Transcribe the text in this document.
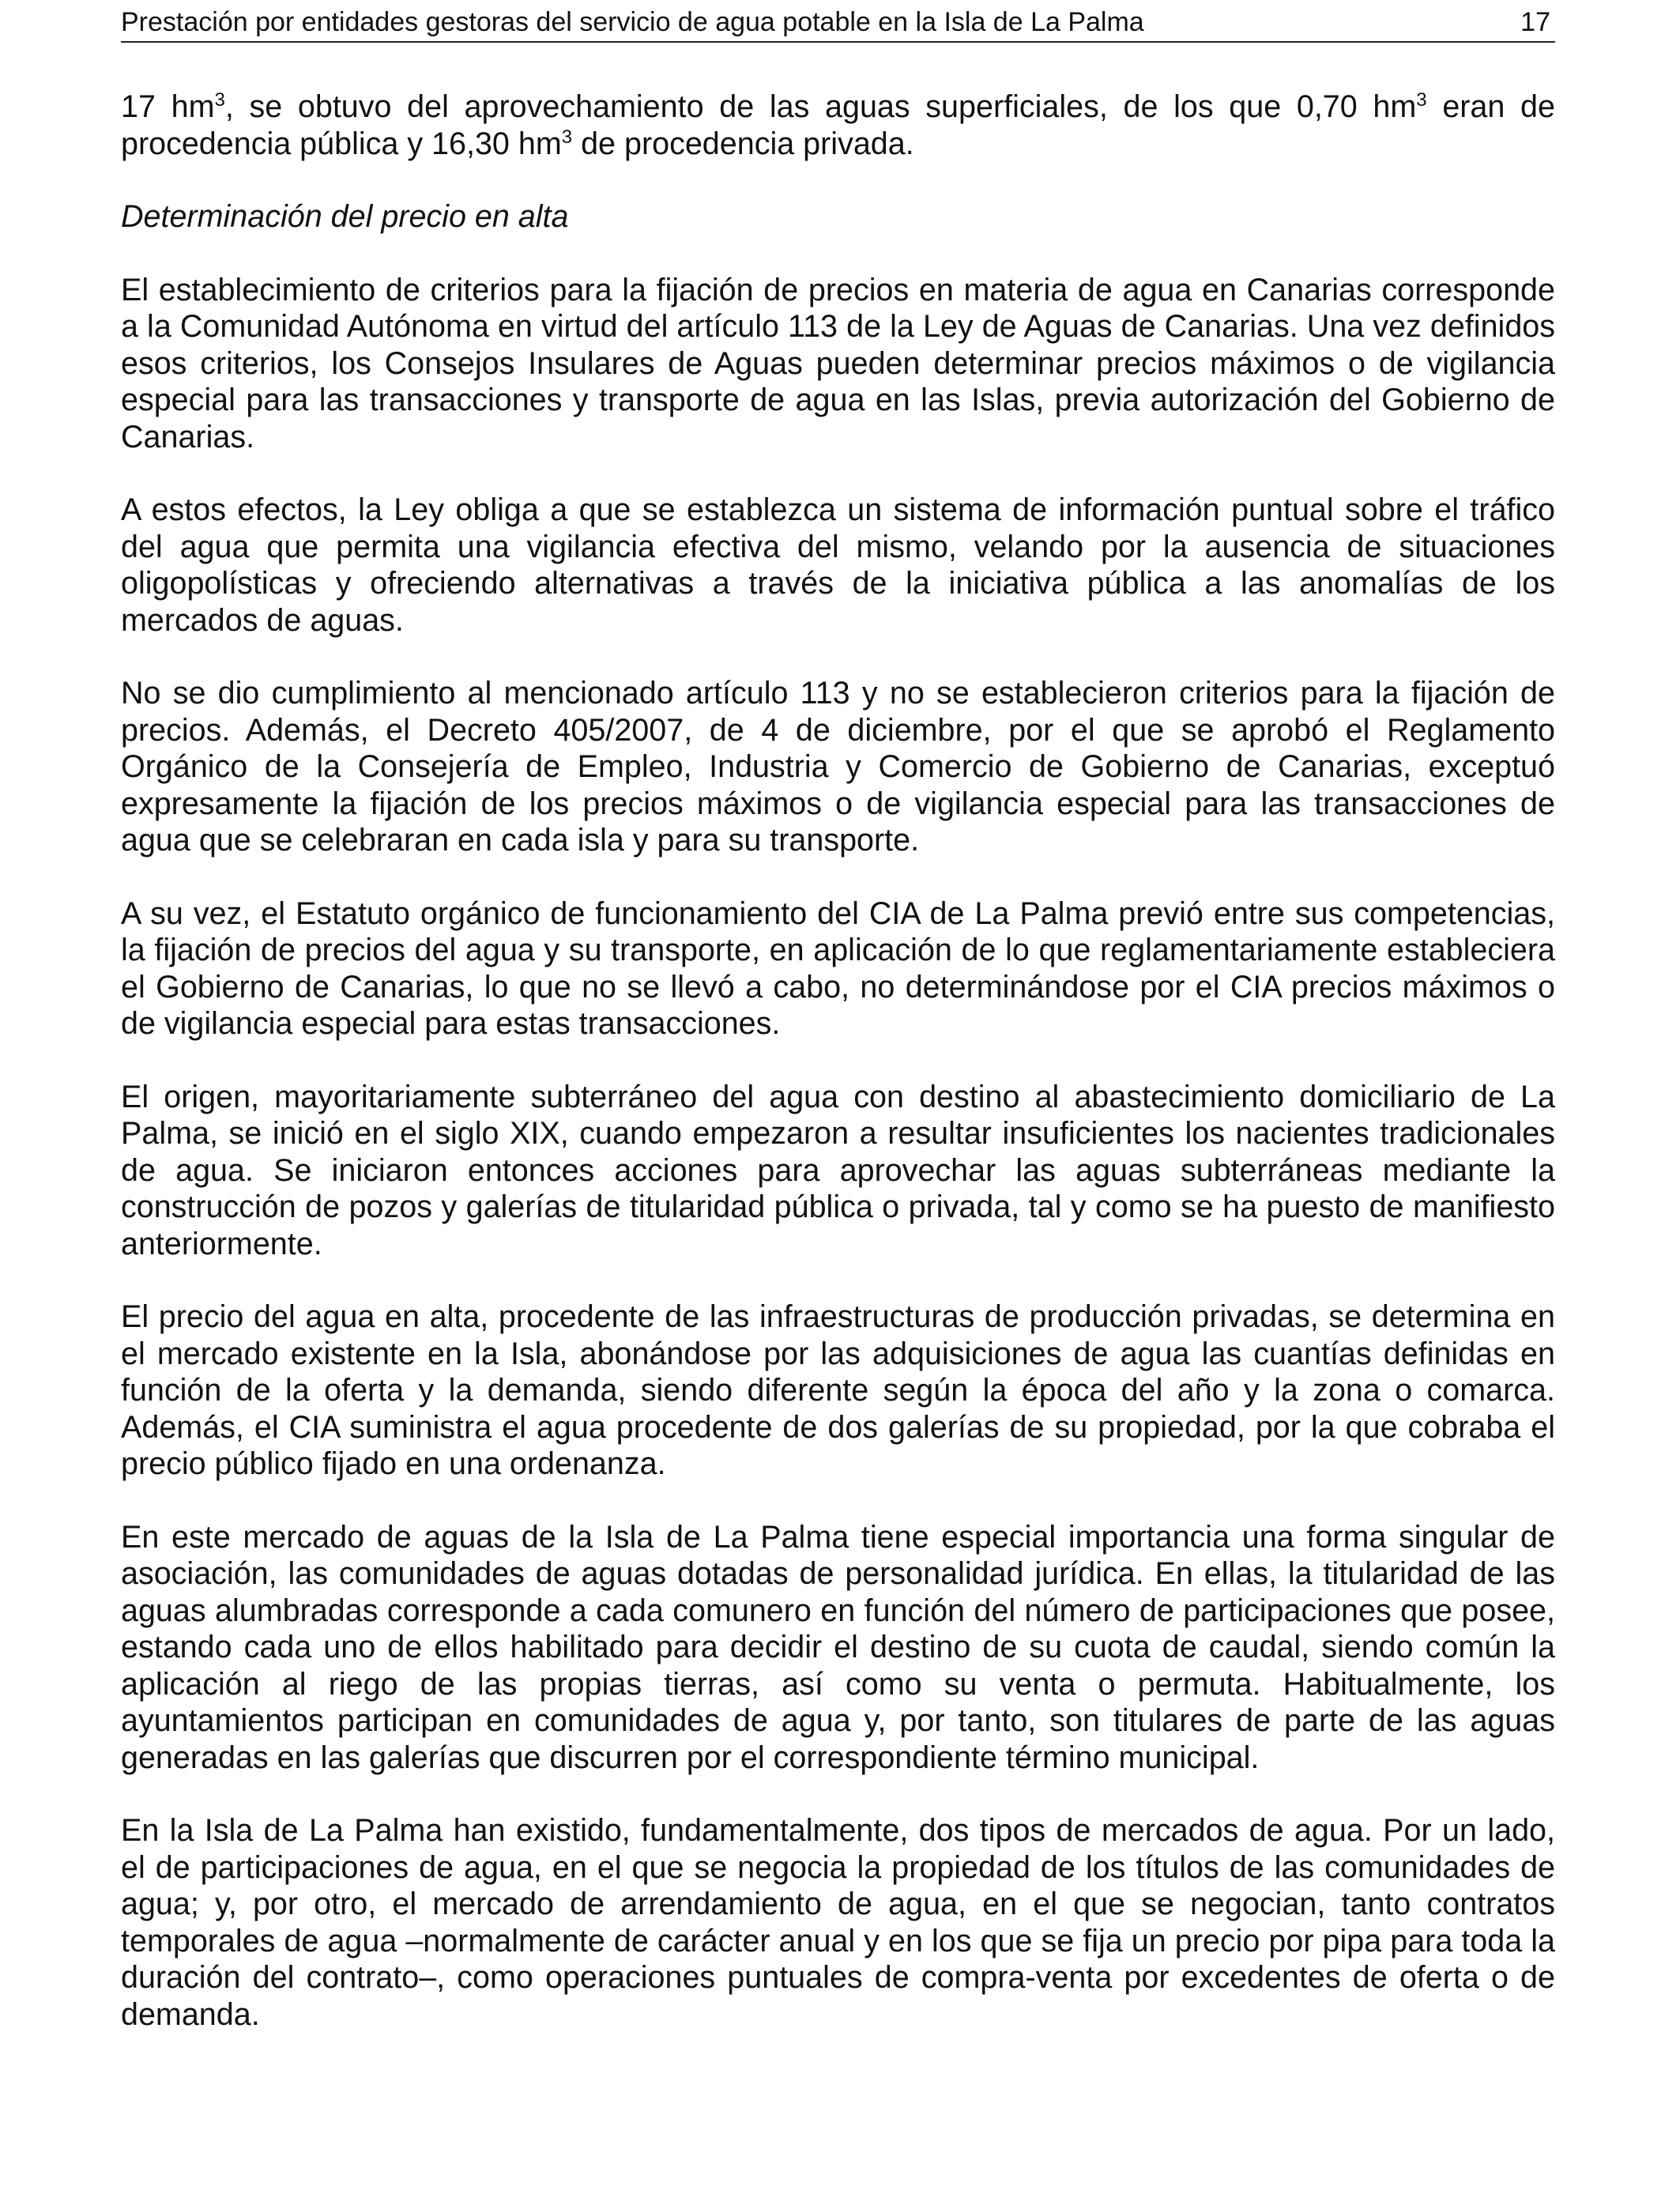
Prestación por entidades gestoras del servicio de agua potable en la Isla de La Palma	17

17 $hm^3$, se obtuvo del aprovechamiento de las aguas superficiales, de los que 0,70 $hm^3$ eran de procedencia pública y 16,30 $hm^3$ de procedencia privada.

Determinación del precio en alta

El establecimiento de criterios para la fijación de precios en materia de agua en Canarias corresponde a la Comunidad Autónoma en virtud del artículo 113 de la Ley de Aguas de Canarias. Una vez definidos esos criterios, los Consejos Insulares de Aguas pueden determinar precios máximos o de vigilancia especial para las transacciones y transporte de agua en las Islas, previa autorización del Gobierno de Canarias.

A estos efectos, la Ley obliga a que se establezca un sistema de información puntual sobre el tráfico del agua que permita una vigilancia efectiva del mismo, velando por la ausencia de situaciones oligopolísticas y ofreciendo alternativas a través de la iniciativa pública a las anomalías de los mercados de aguas.

No se dio cumplimiento al mencionado artículo 113 y no se establecieron criterios para la fijación de precios. Además, el Decreto 405/2007, de 4 de diciembre, por el que se aprobó el Reglamento Orgánico de la Consejería de Empleo, Industria y Comercio de Gobierno de Canarias, exceptuó expresamente la fijación de los precios máximos o de vigilancia especial para las transacciones de agua que se celebraran en cada isla y para su transporte.

A su vez, el Estatuto orgánico de funcionamiento del CIA de La Palma previó entre sus competencias, la fijación de precios del agua y su transporte, en aplicación de lo que reglamentariamente estableciera el Gobierno de Canarias, lo que no se llevó a cabo, no determinándose por el CIA precios máximos o de vigilancia especial para estas transacciones.

El origen, mayoritariamente subterráneo del agua con destino al abastecimiento domiciliario de La Palma, se inició en el siglo XIX, cuando empezaron a resultar insuficientes los nacientes tradicionales de agua. Se iniciaron entonces acciones para aprovechar las aguas subterráneas mediante la construcción de pozos y galerías de titularidad pública o privada, tal y como se ha puesto de manifiesto anteriormente.

El precio del agua en alta, procedente de las infraestructuras de producción privadas, se determina en el mercado existente en la Isla, abonándose por las adquisiciones de agua las cuantías definidas en función de la oferta y la demanda, siendo diferente según la época del año y la zona o comarca. Además, el CIA suministra el agua procedente de dos galerías de su propiedad, por la que cobraba el precio público fijado en una ordenanza.

En este mercado de aguas de la Isla de La Palma tiene especial importancia una forma singular de asociación, las comunidades de aguas dotadas de personalidad jurídica. En ellas, la titularidad de las aguas alumbradas corresponde a cada comunero en función del número de participaciones que posee, estando cada uno de ellos habilitado para decidir el destino de su cuota de caudal, siendo común la aplicación al riego de las propias tierras, así como su venta o permuta. Habitualmente, los ayuntamientos participan en comunidades de agua y, por tanto, son titulares de parte de las aguas generadas en las galerías que discurren por el correspondiente término municipal.

En la Isla de La Palma han existido, fundamentalmente, dos tipos de mercados de agua. Por un lado, el de participaciones de agua, en el que se negocia la propiedad de los títulos de las comunidades de agua; y, por otro, el mercado de arrendamiento de agua, en el que se negocian, tanto contratos temporales de agua –normalmente de carácter anual y en los que se fija un precio por pipa para toda la duración del contrato–, como operaciones puntuales de compra-venta por excedentes de oferta o de demanda.
